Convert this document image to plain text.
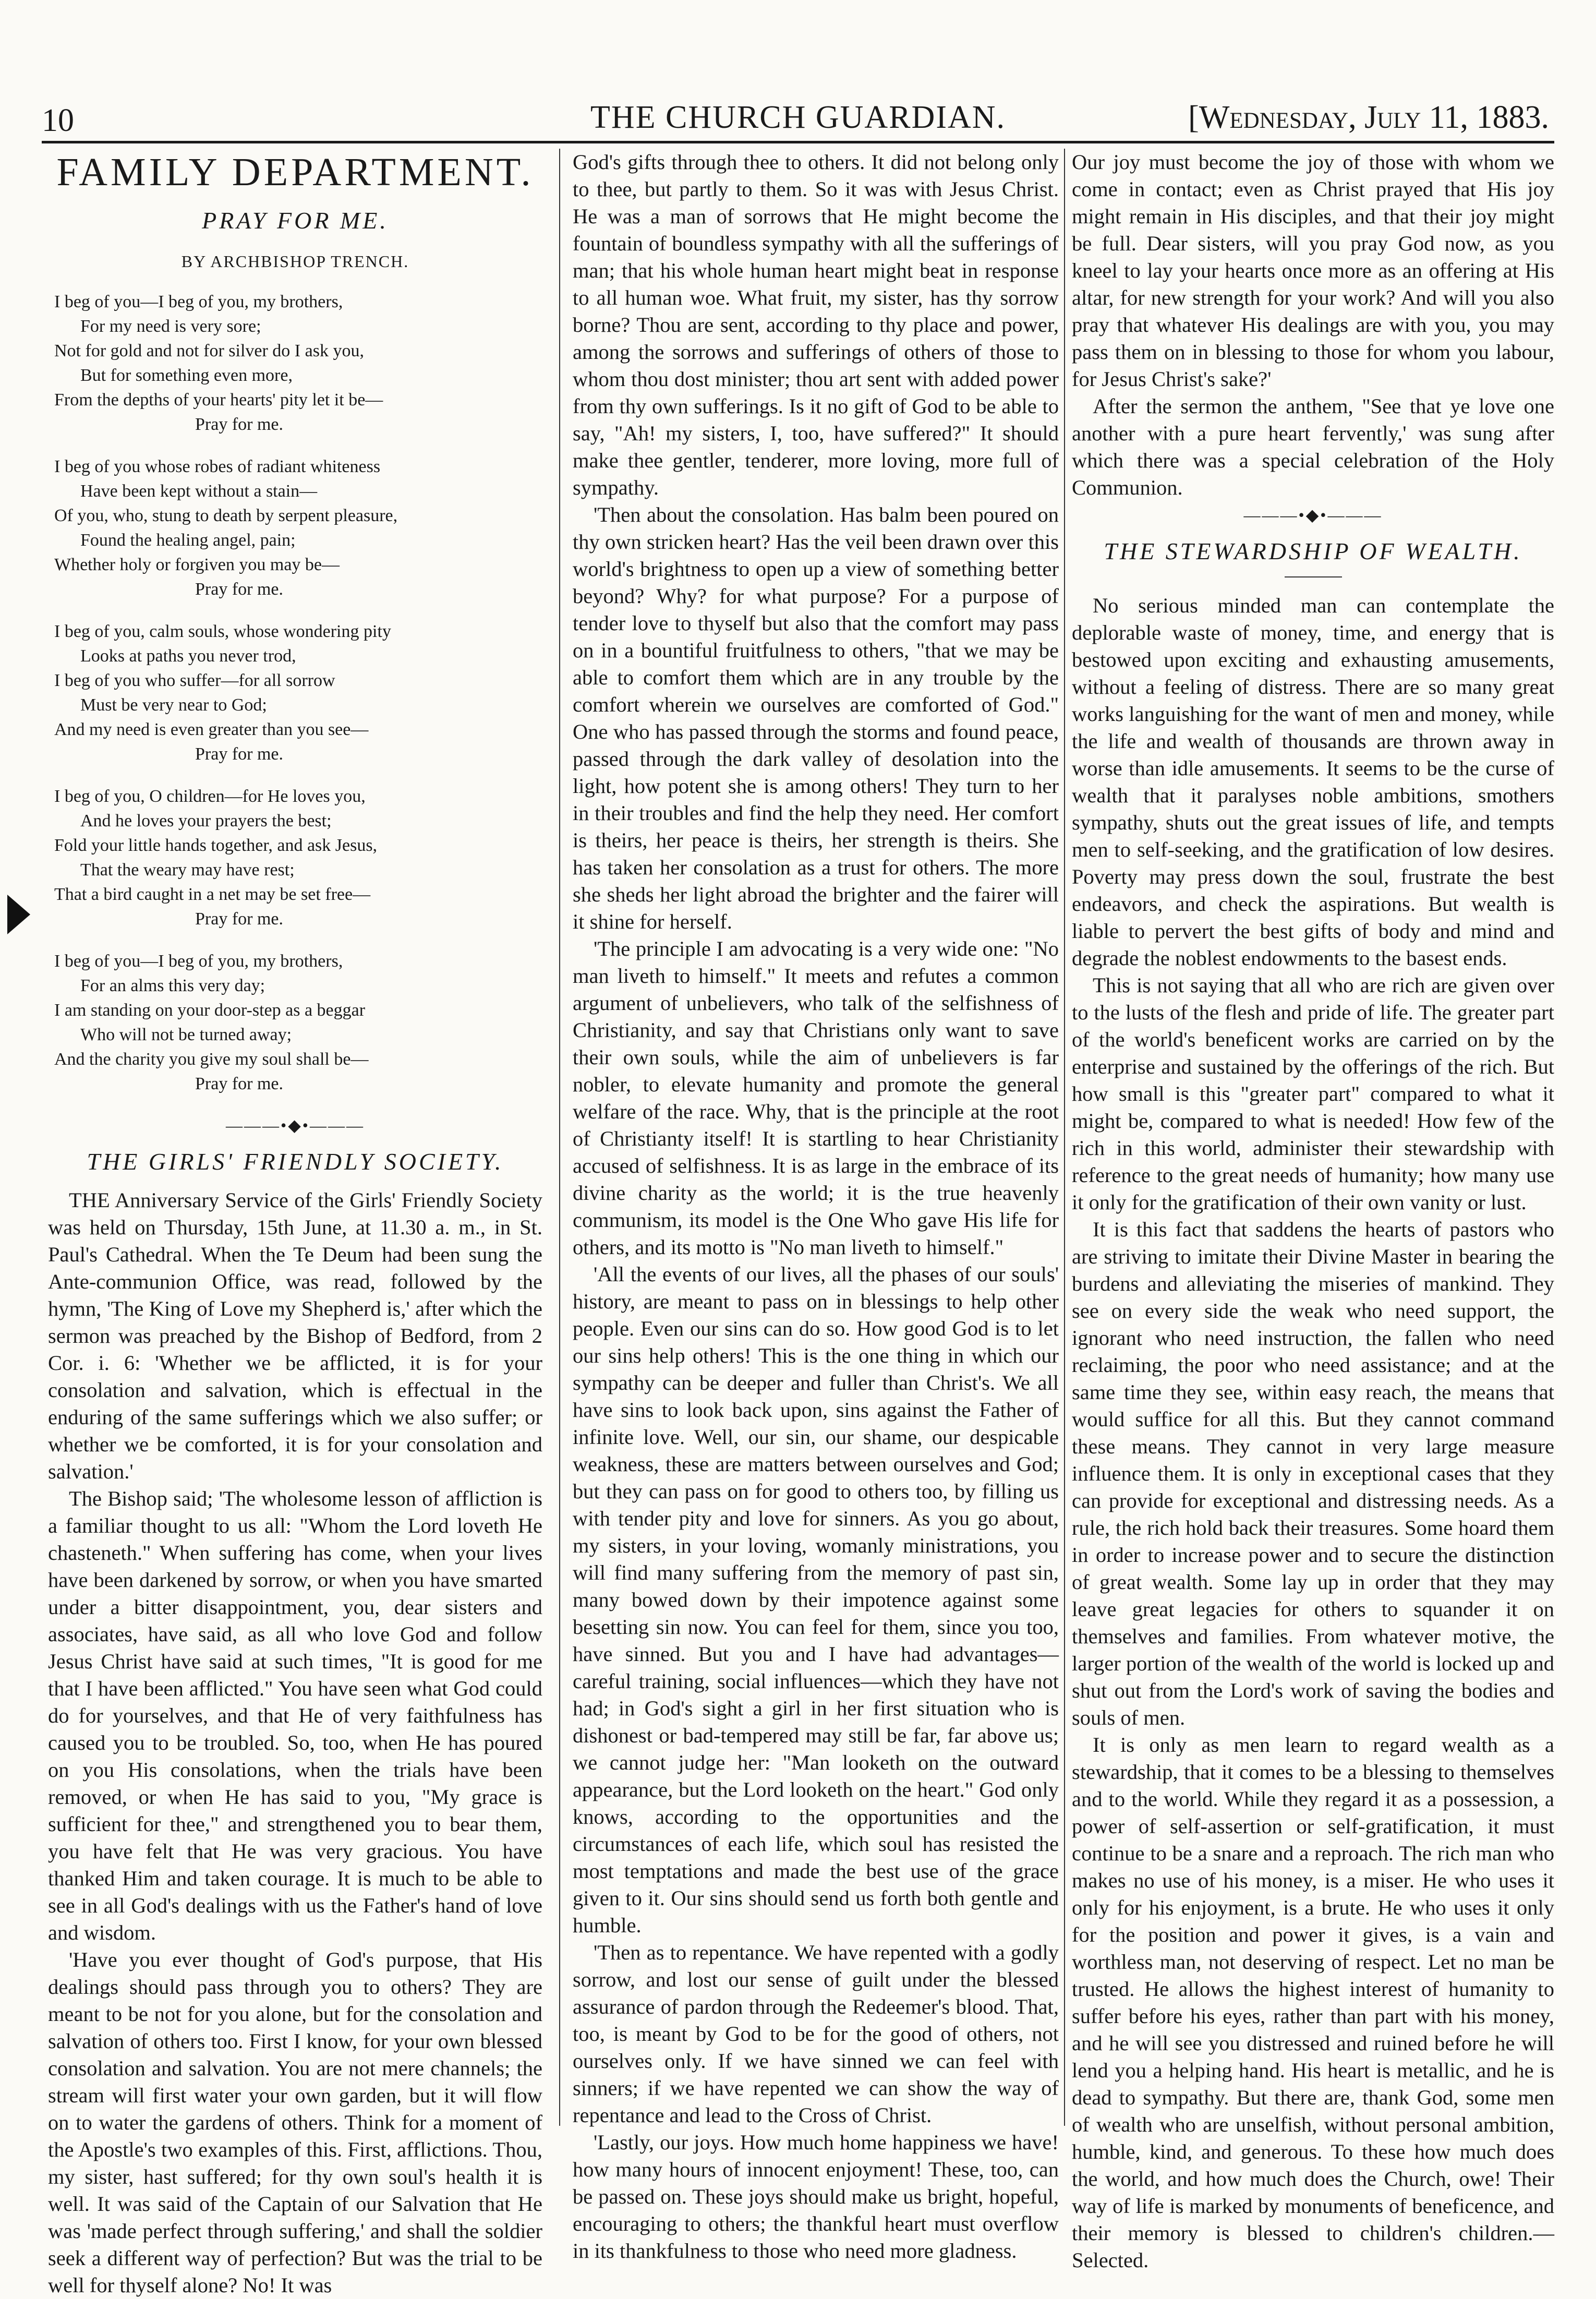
10	THE CHURCH GUARDIAN.	[Wednesday, July 11, 1883.
FAMILY DEPARTMENT.
PRAY FOR ME.
BY ARCHBISHOP TRENCH.
I beg of you—I beg of you, my brothers,
For my need is very sore;
Not for gold and not for silver do I ask you,
But for something even more,
From the depths of your hearts' pity let it be—
Pray for me.
I beg of you whose robes of radiant whiteness
Have been kept without a stain—
Of you, who, stung to death by serpent pleasure,
Found the healing angel, pain;
Whether holy or forgiven you may be—
Pray for me.
I beg of you, calm souls, whose wondering pity
Looks at paths you never trod,
I beg of you who suffer—for all sorrow
Must be very near to God;
And my need is even greater than you see—
Pray for me.
I beg of you, O children—for He loves you,
And he loves your prayers the best;
Fold your little hands together, and ask Jesus,
That the weary may have rest;
That a bird caught in a net may be set free—
Pray for me.
I beg of you—I beg of you, my brothers,
For an alms this very day;
I am standing on your door-step as a beggar
Who will not be turned away;
And the charity you give my soul shall be—
Pray for me.
———•◆•———
THE GIRLS' FRIENDLY SOCIETY.

THE Anniversary Service of the Girls' Friendly Society was held on Thursday, 15th June, at 11.30 a. m., in St. Paul's Cathedral. When the Te Deum had been sung the Ante-communion Office, was read, followed by the hymn, 'The King of Love my Shepherd is,' after which the sermon was preached by the Bishop of Bedford, from 2 Cor. i. 6: 'Whether we be afflicted, it is for your consolation and salvation, which is effectual in the enduring of the same sufferings which we also suffer; or whether we be comforted, it is for your consolation and salvation.'

The Bishop said; 'The wholesome lesson of affliction is a familiar thought to us all: "Whom the Lord loveth He chasteneth." When suffering has come, when your lives have been darkened by sorrow, or when you have smarted under a bitter disappointment, you, dear sisters and associates, have said, as all who love God and follow Jesus Christ have said at such times, "It is good for me that I have been afflicted." You have seen what God could do for yourselves, and that He of very faithfulness has caused you to be troubled. So, too, when He has poured on you His consolations, when the trials have been removed, or when He has said to you, "My grace is sufficient for thee," and strengthened you to bear them, you have felt that He was very gracious. You have thanked Him and taken courage. It is much to be able to see in all God's dealings with us the Father's hand of love and wisdom.

'Have you ever thought of God's purpose, that His dealings should pass through you to others? They are meant to be not for you alone, but for the consolation and salvation of others too. First I know, for your own blessed consolation and salvation. You are not mere channels; the stream will first water your own garden, but it will flow on to water the gardens of others. Think for a moment of the Apostle's two examples of this. First, afflictions. Thou, my sister, hast suffered; for thy own soul's health it is well. It was said of the Captain of our Salvation that He was 'made perfect through suffering,' and shall the soldier seek a different way of perfection? But was the trial to be well for thyself alone? No! It was

God's gifts through thee to others. It did not belong only to thee, but partly to them. So it was with Jesus Christ. He was a man of sorrows that He might become the fountain of boundless sympathy with all the sufferings of man; that his whole human heart might beat in response to all human woe. What fruit, my sister, has thy sorrow borne? Thou are sent, according to thy place and power, among the sorrows and sufferings of others of those to whom thou dost minister; thou art sent with added power from thy own sufferings. Is it no gift of God to be able to say, "Ah! my sisters, I, too, have suffered?" It should make thee gentler, tenderer, more loving, more full of sympathy.

'Then about the consolation. Has balm been poured on thy own stricken heart? Has the veil been drawn over this world's brightness to open up a view of something better beyond? Why? for what purpose? For a purpose of tender love to thyself but also that the comfort may pass on in a bountiful fruitfulness to others, "that we may be able to comfort them which are in any trouble by the comfort wherein we ourselves are comforted of God." One who has passed through the storms and found peace, passed through the dark valley of desolation into the light, how potent she is among others! They turn to her in their troubles and find the help they need. Her comfort is theirs, her peace is theirs, her strength is theirs. She has taken her consolation as a trust for others. The more she sheds her light abroad the brighter and the fairer will it shine for herself.

'The principle I am advocating is a very wide one: "No man liveth to himself." It meets and refutes a common argument of unbelievers, who talk of the selfishness of Christianity, and say that Christians only want to save their own souls, while the aim of unbelievers is far nobler, to elevate humanity and promote the general welfare of the race. Why, that is the principle at the root of Christianty itself! It is startling to hear Christianity accused of selfishness. It is as large in the embrace of its divine charity as the world; it is the true heavenly communism, its model is the One Who gave His life for others, and its motto is "No man liveth to himself."

'All the events of our lives, all the phases of our souls' history, are meant to pass on in blessings to help other people. Even our sins can do so. How good God is to let our sins help others! This is the one thing in which our sympathy can be deeper and fuller than Christ's. We all have sins to look back upon, sins against the Father of infinite love. Well, our sin, our shame, our despicable weakness, these are matters between ourselves and God; but they can pass on for good to others too, by filling us with tender pity and love for sinners. As you go about, my sisters, in your loving, womanly ministrations, you will find many suffering from the memory of past sin, many bowed down by their impotence against some besetting sin now. You can feel for them, since you too, have sinned. But you and I have had advantages—careful training, social influences—which they have not had; in God's sight a girl in her first situation who is dishonest or bad-tempered may still be far, far above us; we cannot judge her: "Man looketh on the outward appearance, but the Lord looketh on the heart." God only knows, according to the opportunities and the circumstances of each life, which soul has resisted the most temptations and made the best use of the grace given to it. Our sins should send us forth both gentle and humble.

'Then as to repentance. We have repented with a godly sorrow, and lost our sense of guilt under the blessed assurance of pardon through the Redeemer's blood. That, too, is meant by God to be for the good of others, not ourselves only. If we have sinned we can feel with sinners; if we have repented we can show the way of repentance and lead to the Cross of Christ.

'Lastly, our joys. How much home happiness we have! how many hours of innocent enjoyment! These, too, can be passed on. These joys should make us bright, hopeful, encouraging to others; the thankful heart must overflow in its thankfulness to those who need more gladness.

Our joy must become the joy of those with whom we come in contact; even as Christ prayed that His joy might remain in His disciples, and that their joy might be full. Dear sisters, will you pray God now, as you kneel to lay your hearts once more as an offering at His altar, for new strength for your work? And will you also pray that whatever His dealings are with you, you may pass them on in blessing to those for whom you labour, for Jesus Christ's sake?'

After the sermon the anthem, "See that ye love one another with a pure heart fervently,' was sung after which there was a special celebration of the Holy Communion.

———•◆•———
THE STEWARDSHIP OF WEALTH.

No serious minded man can contemplate the deplorable waste of money, time, and energy that is bestowed upon exciting and exhausting amusements, without a feeling of distress. There are so many great works languishing for the want of men and money, while the life and wealth of thousands are thrown away in worse than idle amusements. It seems to be the curse of wealth that it paralyses noble ambitions, smothers sympathy, shuts out the great issues of life, and tempts men to self-seeking, and the gratification of low desires. Poverty may press down the soul, frustrate the best endeavors, and check the aspirations. But wealth is liable to pervert the best gifts of body and mind and degrade the noblest endowments to the basest ends.

This is not saying that all who are rich are given over to the lusts of the flesh and pride of life. The greater part of the world's beneficent works are carried on by the enterprise and sustained by the offerings of the rich. But how small is this "greater part" compared to what it might be, compared to what is needed! How few of the rich in this world, administer their stewardship with reference to the great needs of humanity; how many use it only for the gratification of their own vanity or lust.

It is this fact that saddens the hearts of pastors who are striving to imitate their Divine Master in bearing the burdens and alleviating the miseries of mankind. They see on every side the weak who need support, the ignorant who need instruction, the fallen who need reclaiming, the poor who need assistance; and at the same time they see, within easy reach, the means that would suffice for all this. But they cannot command these means. They cannot in very large measure influence them. It is only in exceptional cases that they can provide for exceptional and distressing needs. As a rule, the rich hold back their treasures. Some hoard them in order to increase power and to secure the distinction of great wealth. Some lay up in order that they may leave great legacies for others to squander it on themselves and families. From whatever motive, the larger portion of the wealth of the world is locked up and shut out from the Lord's work of saving the bodies and souls of men.

It is only as men learn to regard wealth as a stewardship, that it comes to be a blessing to themselves and to the world. While they regard it as a possession, a power of self-assertion or self-gratification, it must continue to be a snare and a reproach. The rich man who makes no use of his money, is a miser. He who uses it only for his enjoyment, is a brute. He who uses it only for the position and power it gives, is a vain and worthless man, not deserving of respect. Let no man be trusted. He allows the highest interest of humanity to suffer before his eyes, rather than part with his money, and he will see you distressed and ruined before he will lend you a helping hand. His heart is metallic, and he is dead to sympathy. But there are, thank God, some men of wealth who are unselfish, without personal ambition, humble, kind, and generous. To these how much does the world, and how much does the Church, owe! Their way of life is marked by monuments of beneficence, and their memory is blessed to children's children.—Selected.
